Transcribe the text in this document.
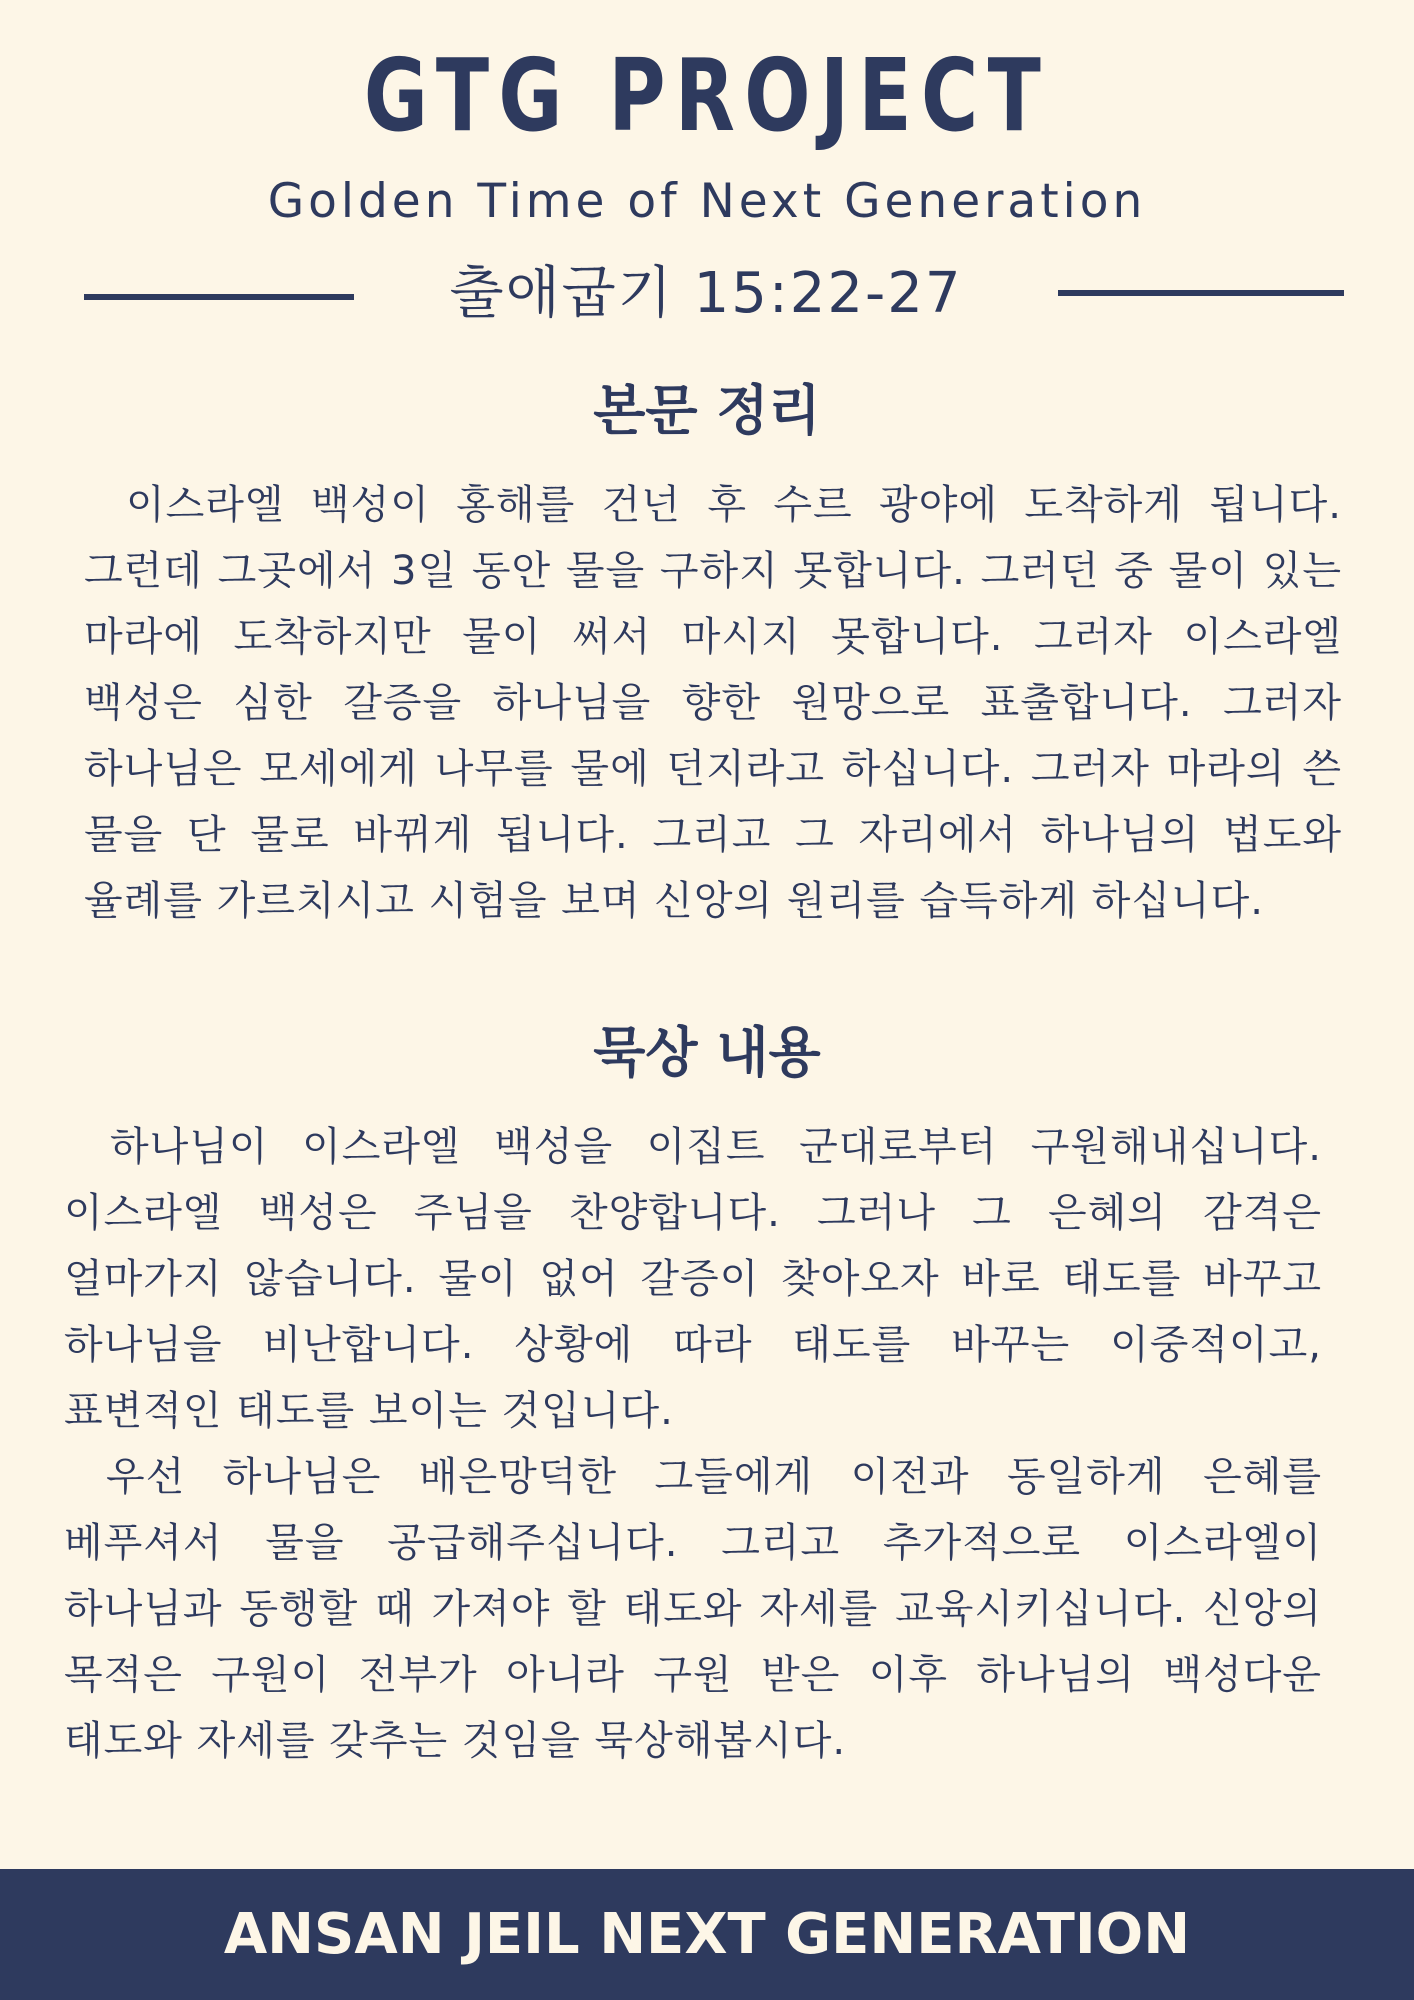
GTG PROJECT
Golden Time of Next Generation
출애굽기 15:22-27
본문 정리
이스라엘 백성이 홍해를 건넌 후 수르 광야에 도착하게 됩니다. 그런데 그곳에서 3일 동안 물을 구하지 못합니다. 그러던 중 물이 있는 마라에 도착하지만 물이 써서 마시지 못합니다. 그러자 이스라엘 백성은 심한 갈증을 하나님을 향한 원망으로 표출합니다. 그러자 하나님은 모세에게 나무를 물에 던지라고 하십니다. 그러자 마라의 쓴 물을 단 물로 바뀌게 됩니다. 그리고 그 자리에서 하나님의 법도와 율례를 가르치시고 시험을 보며 신앙의 원리를 습득하게 하십니다.
묵상 내용
하나님이 이스라엘 백성을 이집트 군대로부터 구원해내십니다. 이스라엘 백성은 주님을 찬양합니다. 그러나 그 은혜의 감격은 얼마가지 않습니다. 물이 없어 갈증이 찾아오자 바로 태도를 바꾸고 하나님을 비난합니다. 상황에 따라 태도를 바꾸는 이중적이고, 표변적인 태도를 보이는 것입니다.
우선 하나님은 배은망덕한 그들에게 이전과 동일하게 은혜를 베푸셔서 물을 공급해주십니다. 그리고 추가적으로 이스라엘이 하나님과 동행할 때 가져야 할 태도와 자세를 교육시키십니다. 신앙의 목적은 구원이 전부가 아니라 구원 받은 이후 하나님의 백성다운 태도와 자세를 갖추는 것임을 묵상해봅시다.
ANSAN JEIL NEXT GENERATION
